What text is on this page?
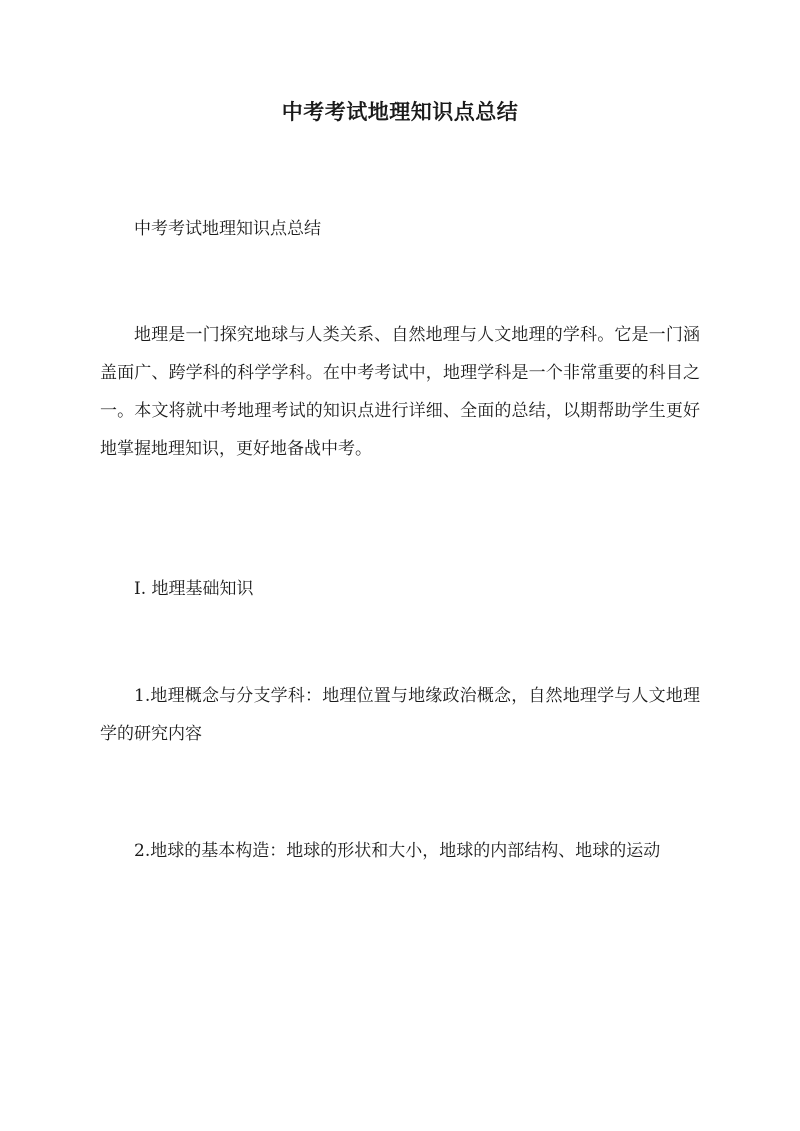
中考考试地理知识点总结

中考考试地理知识点总结

地理是一门探究地球与人类关系、自然地理与人文地理的学科。它是一门涵盖面广、跨学科的科学学科。在中考考试中，地理学科是一个非常重要的科目之一。本文将就中考地理考试的知识点进行详细、全面的总结，以期帮助学生更好地掌握地理知识，更好地备战中考。

I. 地理基础知识

1.地理概念与分支学科：地理位置与地缘政治概念，自然地理学与人文地理学的研究内容

2.地球的基本构造：地球的形状和大小，地球的内部结构、地球的运动
